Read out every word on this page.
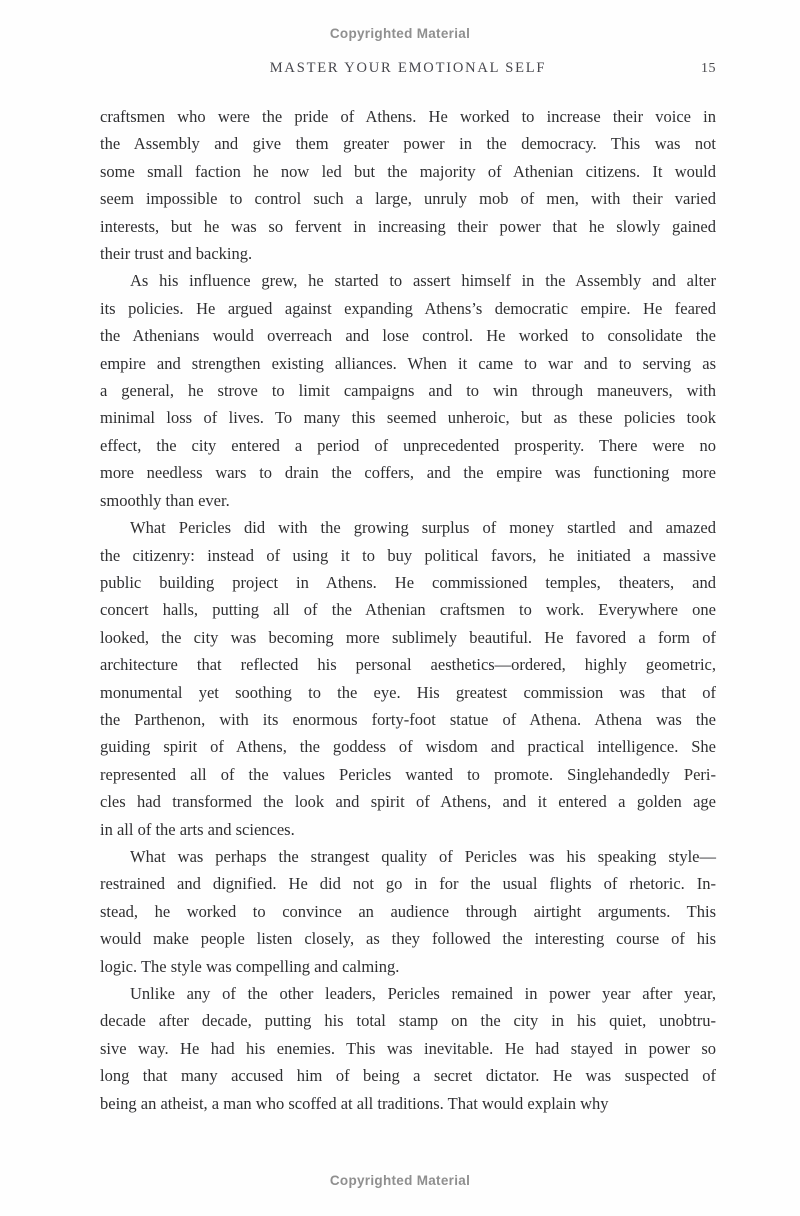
Copyrighted Material
MASTER YOUR EMOTIONAL SELF	15
craftsmen who were the pride of Athens. He worked to increase their voice in
the Assembly and give them greater power in the democracy. This was not
some small faction he now led but the majority of Athenian citizens. It would
seem impossible to control such a large, unruly mob of men, with their varied
interests, but he was so fervent in increasing their power that he slowly gained
their trust and backing.
As his influence grew, he started to assert himself in the Assembly and alter
its policies. He argued against expanding Athens’s democratic empire. He feared
the Athenians would overreach and lose control. He worked to consolidate the
empire and strengthen existing alliances. When it came to war and to serving as
a general, he strove to limit campaigns and to win through maneuvers, with
minimal loss of lives. To many this seemed unheroic, but as these policies took
effect, the city entered a period of unprecedented prosperity. There were no
more needless wars to drain the coffers, and the empire was functioning more
smoothly than ever.
What Pericles did with the growing surplus of money startled and amazed
the citizenry: instead of using it to buy political favors, he initiated a massive
public building project in Athens. He commissioned temples, theaters, and
concert halls, putting all of the Athenian craftsmen to work. Everywhere one
looked, the city was becoming more sublimely beautiful. He favored a form of
architecture that reflected his personal aesthetics—ordered, highly geometric,
monumental yet soothing to the eye. His greatest commission was that of
the Parthenon, with its enormous forty-foot statue of Athena. Athena was the
guiding spirit of Athens, the goddess of wisdom and practical intelligence. She
represented all of the values Pericles wanted to promote. Singlehandedly Peri-
cles had transformed the look and spirit of Athens, and it entered a golden age
in all of the arts and sciences.
What was perhaps the strangest quality of Pericles was his speaking style—
restrained and dignified. He did not go in for the usual flights of rhetoric. In-
stead, he worked to convince an audience through airtight arguments. This
would make people listen closely, as they followed the interesting course of his
logic. The style was compelling and calming.
Unlike any of the other leaders, Pericles remained in power year after year,
decade after decade, putting his total stamp on the city in his quiet, unobtru-
sive way. He had his enemies. This was inevitable. He had stayed in power so
long that many accused him of being a secret dictator. He was suspected of
being an atheist, a man who scoffed at all traditions. That would explain why
Copyrighted Material
